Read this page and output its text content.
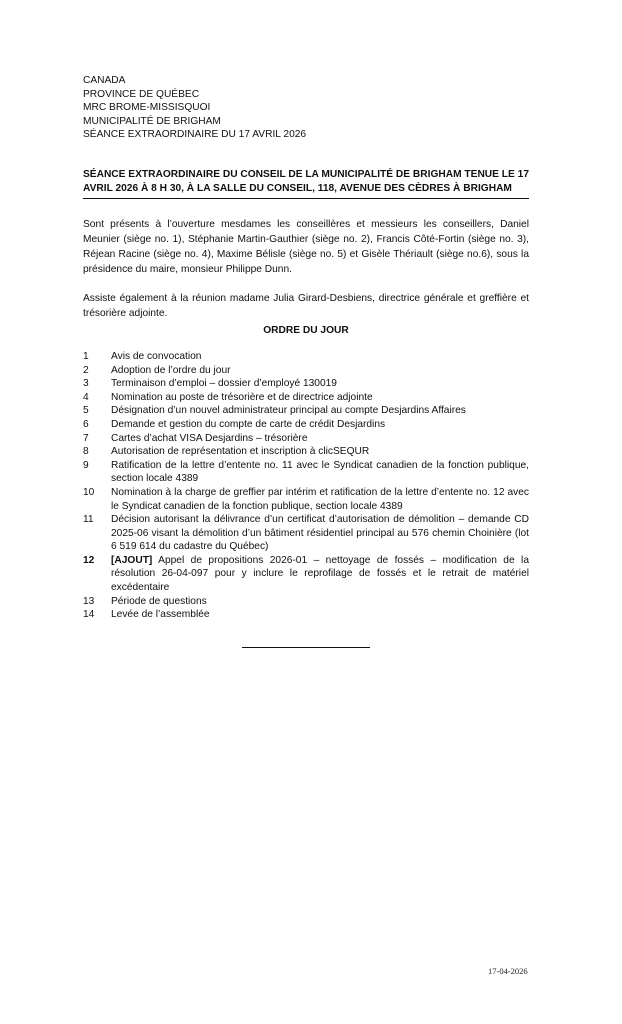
CANADA
PROVINCE DE QUÉBEC
MRC BROME-MISSISQUOI
MUNICIPALITÉ DE BRIGHAM
SÉANCE EXTRAORDINAIRE DU 17 AVRIL 2026
SÉANCE EXTRAORDINAIRE DU CONSEIL DE LA MUNICIPALITÉ DE BRIGHAM TENUE LE 17 AVRIL 2026 À 8 H 30, À LA SALLE DU CONSEIL, 118, AVENUE DES CÈDRES À BRIGHAM
Sont présents à l’ouverture mesdames les conseillères et messieurs les conseillers, Daniel Meunier (siège no. 1), Stéphanie Martin-Gauthier (siège no. 2), Francis Côté-Fortin (siège no. 3), Réjean Racine (siège no. 4), Maxime Bélisle (siège no. 5) et Gisèle Thériault (siège no.6), sous la présidence du maire, monsieur Philippe Dunn.
Assiste également à la réunion madame Julia Girard-Desbiens, directrice générale et greffière et trésorière adjointe.
ORDRE DU JOUR
1	Avis de convocation
2	Adoption de l’ordre du jour
3	Terminaison d’emploi – dossier d’employé 130019
4	Nomination au poste de trésorière et de directrice adjointe
5	Désignation d’un nouvel administrateur principal au compte Desjardins Affaires
6	Demande et gestion du compte de carte de crédit Desjardins
7	Cartes d’achat VISA Desjardins – trésorière
8	Autorisation de représentation et inscription à clicSEQUR
9	Ratification de la lettre d’entente no. 11 avec le Syndicat canadien de la fonction publique, section locale 4389
10	Nomination à la charge de greffier par intérim et ratification de la lettre d’entente no. 12 avec le Syndicat canadien de la fonction publique, section locale 4389
11	Décision autorisant la délivrance d’un certificat d’autorisation de démolition – demande CD 2025-06 visant la démolition d’un bâtiment résidentiel principal au 576 chemin Choinière (lot 6 519 614 du cadastre du Québec)
12	[AJOUT] Appel de propositions 2026-01 – nettoyage de fossés – modification de la résolution 26-04-097 pour y inclure le reprofilage de fossés et le retrait de matériel excédentaire
13	Période de questions
14	Levée de l’assemblée
17-04-2026
